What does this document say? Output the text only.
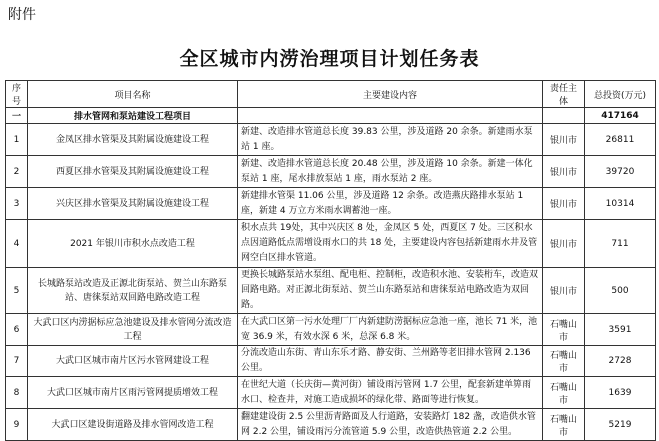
附件
全区城市内涝治理项目计划任务表
序号	项目名称	主要建设内容	责任主体	总投资(万元)
一	排水管网和泵站建设工程项目			417164
1	金凤区排水管渠及其附属设施建设工程	新建、改造排水管道总长度 39.83 公里，涉及道路 20 余条。新建雨水泵站 1 座。	银川市	26811
2	西夏区排水管渠及其附属设施建设工程	新建、改造排水管道总长度 20.48 公里，涉及道路 10 余条。新建一体化泵站 1 座，尾水排放泵站 1 座，雨水泵站 2 座。	银川市	39720
3	兴庆区排水管渠及其附属设施建设工程	新建排水管渠 11.06 公里，涉及道路 12 余条。改造燕庆路排水泵站 1 座，新建 4 万立方米雨水调蓄池一座。	银川市	10314
4	2021 年银川市积水点改造工程	积水点共 19处，其中兴庆区 8 处，金凤区 5 处，西夏区 7 处。三区积水点因道路低点需增设雨水口的共 18 处，主要建设内容包括新建雨水井及管网空白区排水管道。	银川市	711
5	长城路泵站改造及正源北街泵站、贺兰山东路泵站、唐徕泵站双回路电路改造工程	更换长城路泵站水泵组、配电柜、控制柜，改造积水池、安装桁车，改造双回路电路。对正源北街泵站、贺兰山东路泵站和唐徕泵站电路改造为双回路。	银川市	500
6	大武口区内涝据标应急池建设及排水管网分流改造工程	在大武口区第一污水处理厂厂内新建防涝据标应急池一座，池长 71 米，池宽 36.9 米，有效水深 6 米，总深 6.8 米。	石嘴山市	3591
7	大武口区城市南片区污水管网建设工程	分流改造山东街、青山东乐才路、静安街、兰州路等老旧排水管网 2.136 公里。	石嘴山市	2728
8	大武口区城市南片区雨污管网提质增效工程	在世纪大道（长庆街—黄河街）铺设雨污管网 1.7 公里，配套新建单箅雨水口、检查井，对施工造成损坏的绿化带、路面等进行恢复。	石嘴山市	1639
9	大武口区建设街道路及排水管网改造工程	翻建建设街 2.5 公里沥青路面及人行道路，安装路灯 182 盏，改造供水管网 2.2 公里，铺设雨污分流管道 5.9 公里，改造供热管道 2.2 公里。	石嘴山市	5219
